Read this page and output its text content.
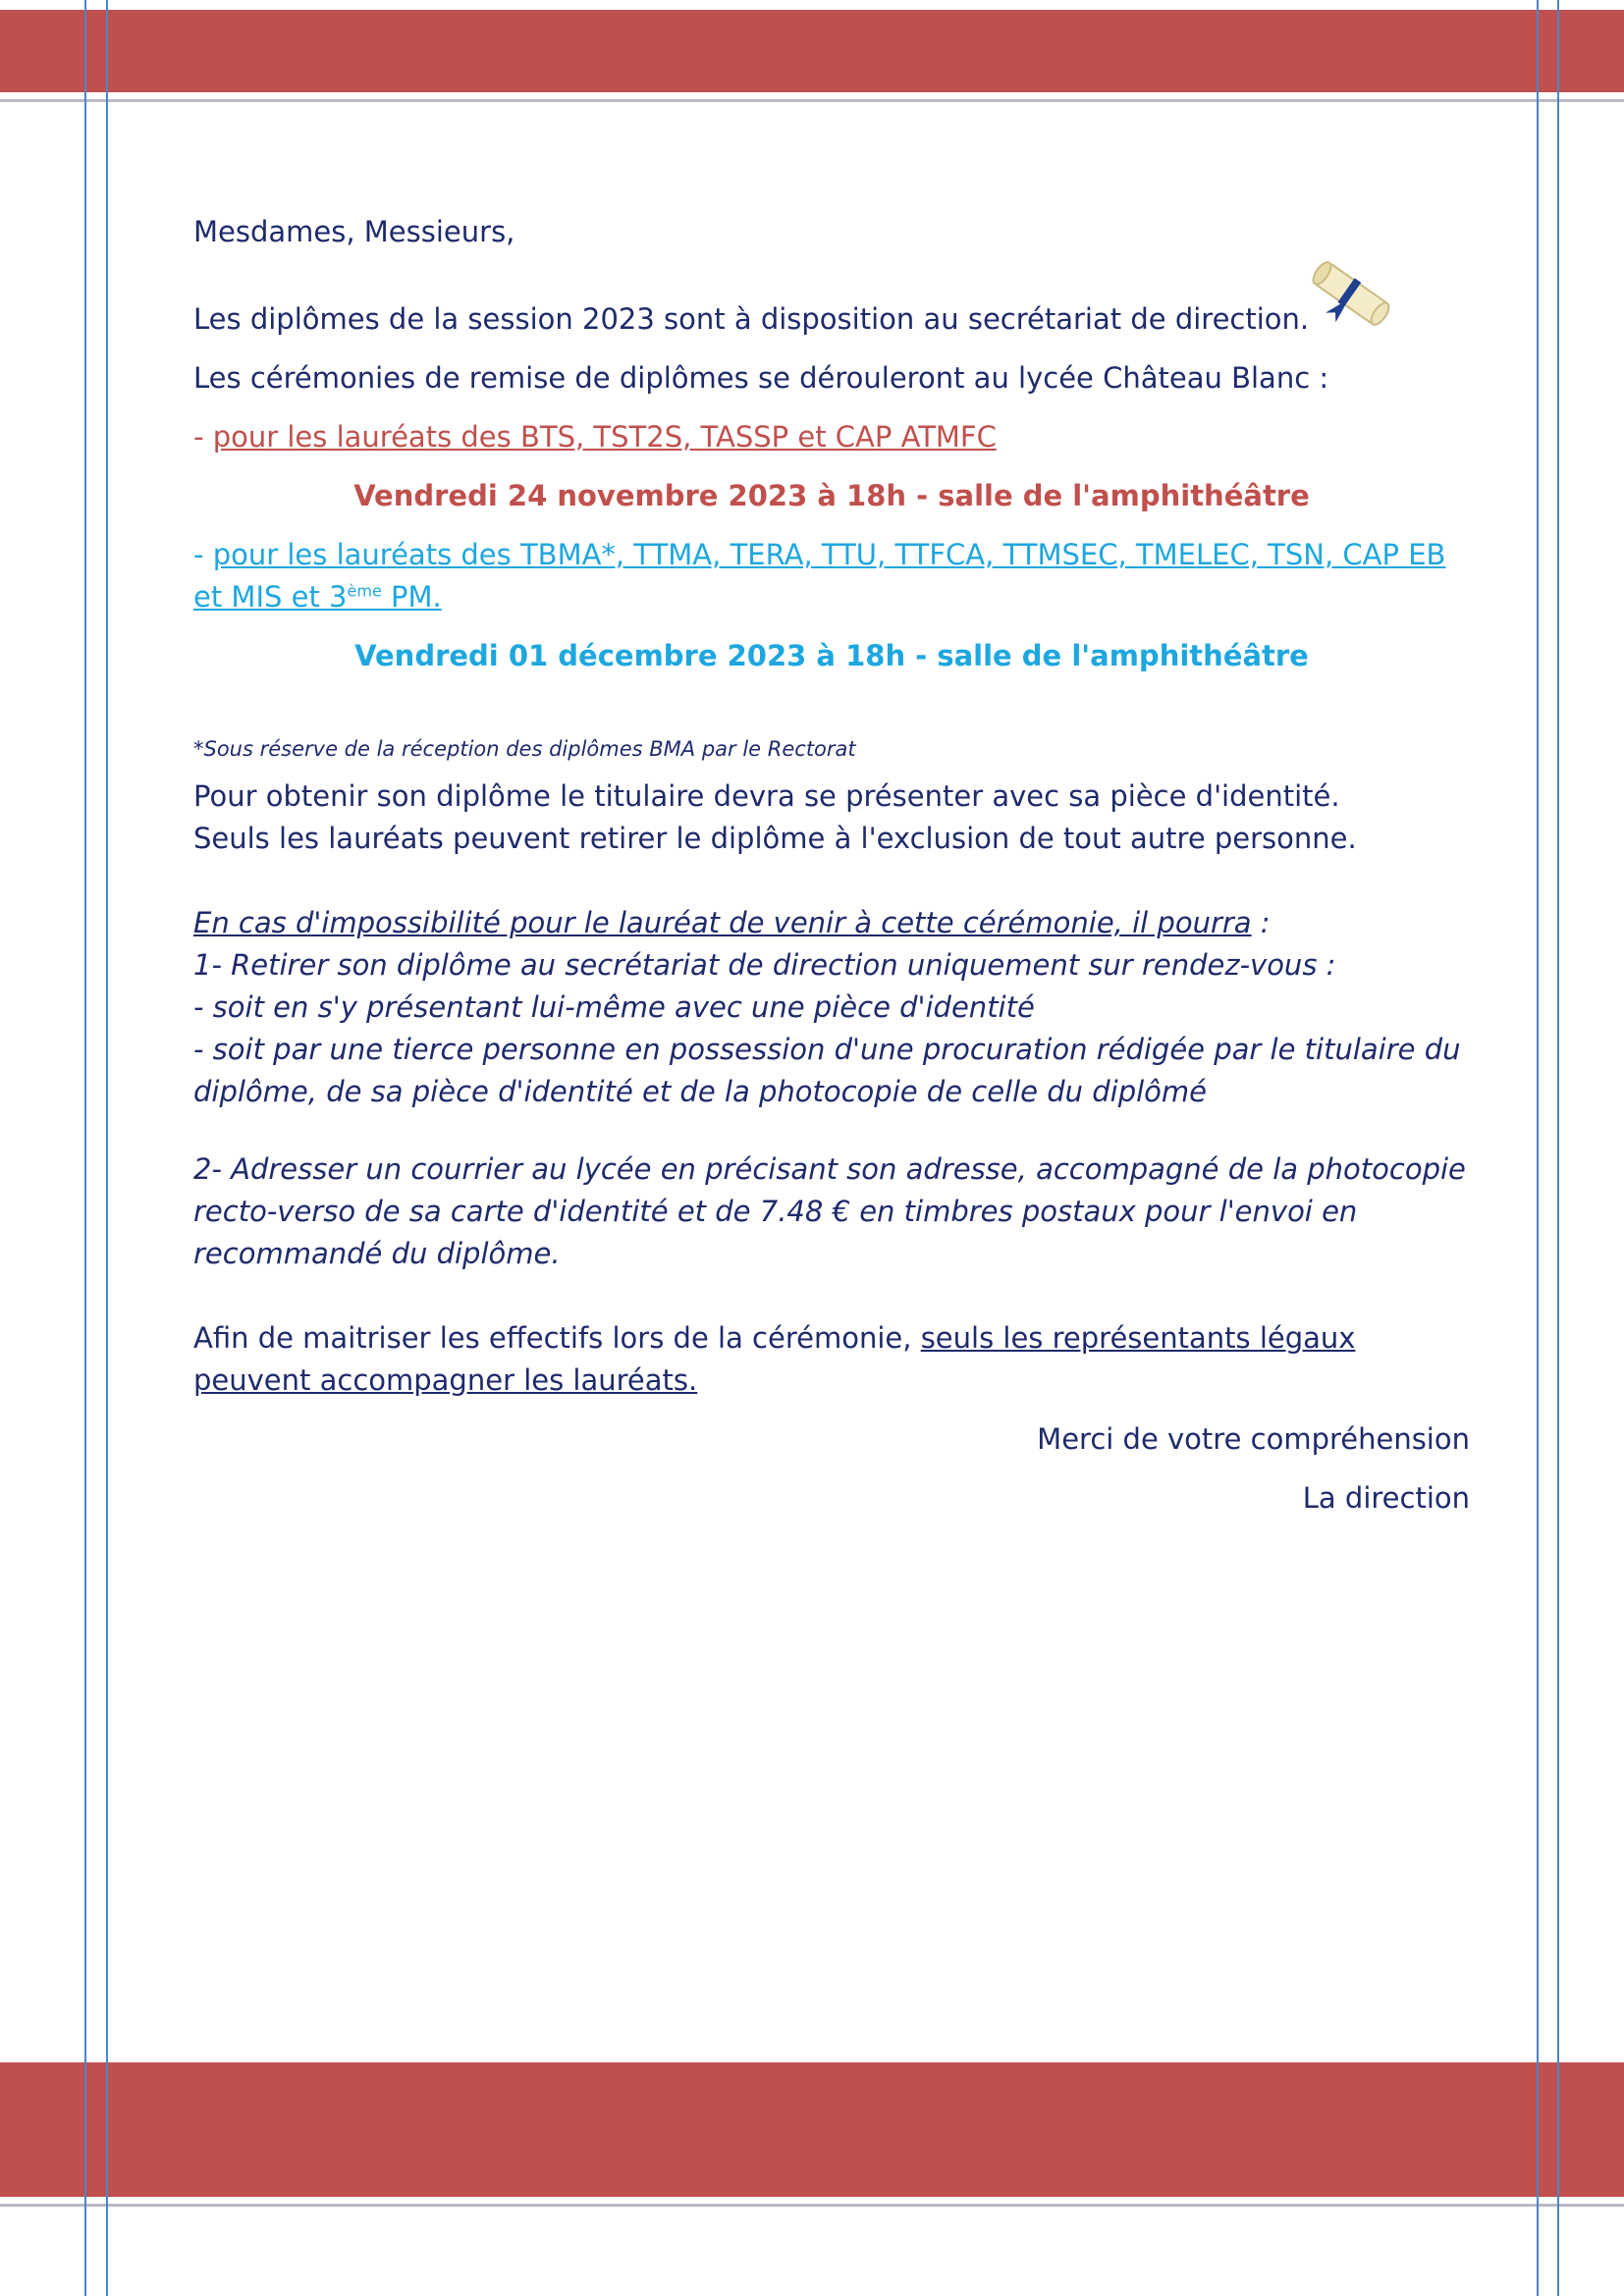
Mesdames, Messieurs,

Les diplômes de la session 2023 sont à disposition au secrétariat de direction.

Les cérémonies de remise de diplômes se dérouleront au lycée Château Blanc :

- pour les lauréats des BTS, TST2S, TASSP et CAP ATMFC

Vendredi 24 novembre 2023 à 18h - salle de l'amphithéâtre

- pour les lauréats des TBMA*, TTMA, TERA, TTU, TTFCA, TTMSEC, TMELEC, TSN, CAP EB et MIS et 3ème PM.

Vendredi 01 décembre 2023 à 18h - salle de l'amphithéâtre

*Sous réserve de la réception des diplômes BMA par le Rectorat

Pour obtenir son diplôme le titulaire devra se présenter avec sa pièce d'identité.

Seuls les lauréats peuvent retirer le diplôme à l'exclusion de tout autre personne.

En cas d'impossibilité pour le lauréat de venir à cette cérémonie, il pourra :

1- Retirer son diplôme au secrétariat de direction uniquement sur rendez-vous :

- soit en s'y présentant lui-même avec une pièce d'identité

- soit par une tierce personne en possession d'une procuration rédigée par le titulaire du diplôme, de sa pièce d'identité et de la photocopie de celle du diplômé

2- Adresser un courrier au lycée en précisant son adresse, accompagné de la photocopie recto-verso de sa carte d'identité et de 7.48 € en timbres postaux pour l'envoi en recommandé du diplôme.

Afin de maitriser les effectifs lors de la cérémonie, seuls les représentants légaux peuvent accompagner les lauréats.

Merci de votre compréhension

La direction
